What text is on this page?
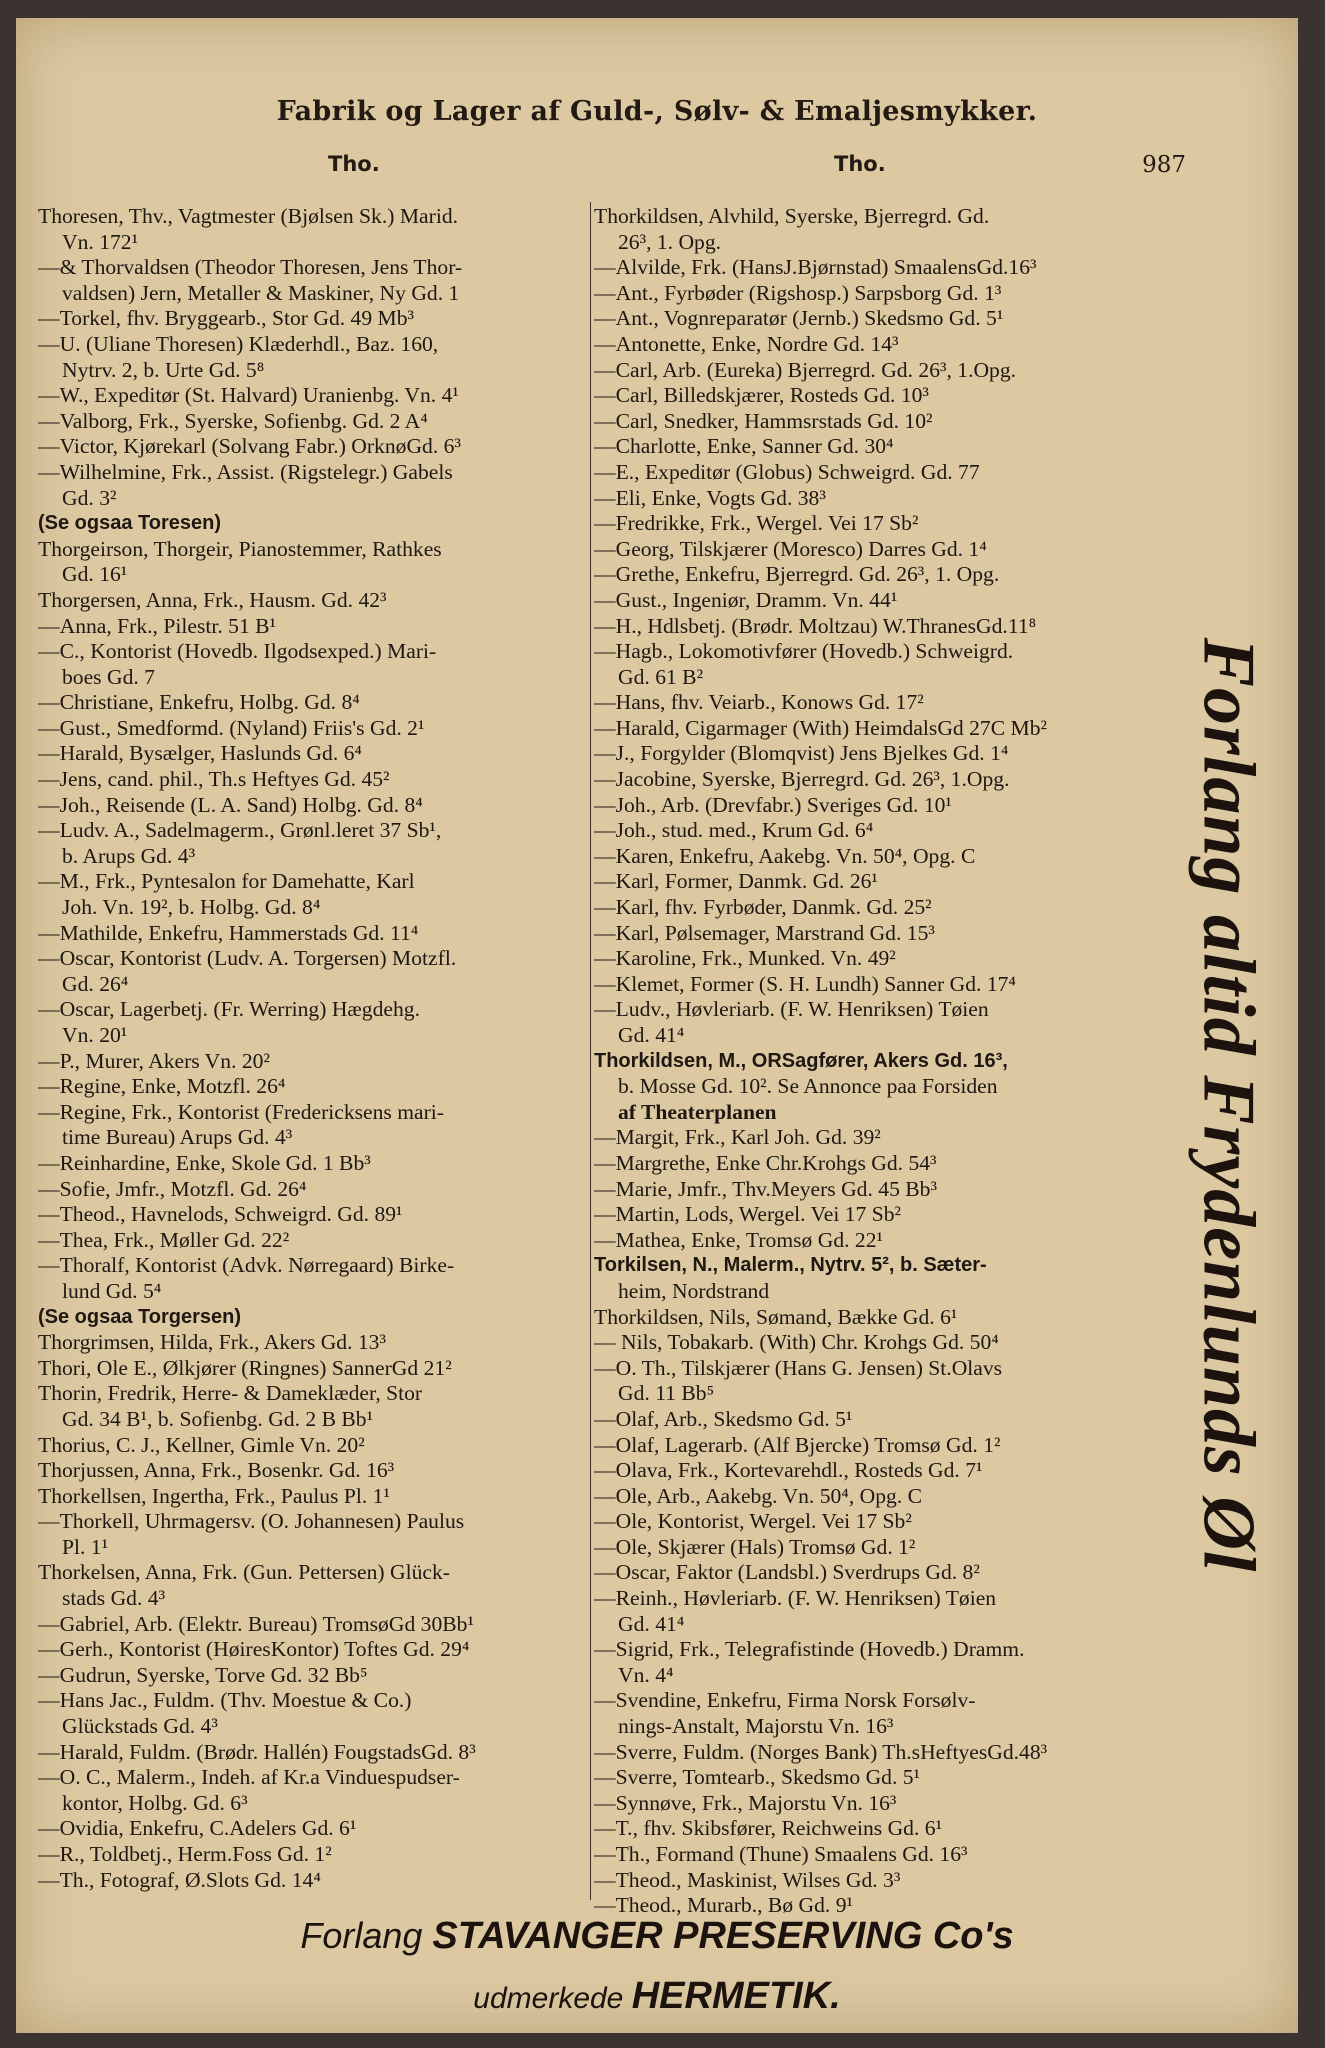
Fabrik og Lager af Guld-, Sølv- & Emaljesmykker.
Tho.	Tho.	987
Thoresen, Thv., Vagtmester (Bjølsen Sk.) Marid.
Vn. 172¹
—& Thorvaldsen (Theodor Thoresen, Jens Thor-
valdsen) Jern, Metaller & Maskiner, Ny Gd. 1
—Torkel, fhv. Bryggearb., Stor Gd. 49 Mb³
—U. (Uliane Thoresen) Klæderhdl., Baz. 160,
Nytrv. 2, b. Urte Gd. 5⁸
—W., Expeditør (St. Halvard) Uranienbg. Vn. 4¹
—Valborg, Frk., Syerske, Sofienbg. Gd. 2 A⁴
—Victor, Kjørekarl (Solvang Fabr.) OrknøGd. 6³
—Wilhelmine, Frk., Assist. (Rigstelegr.) Gabels
Gd. 3²
(Se ogsaa Toresen)
Thorgeirson, Thorgeir, Pianostemmer, Rathkes
Gd. 16¹
Thorgersen, Anna, Frk., Hausm. Gd. 42³
—Anna, Frk., Pilestr. 51 B¹
—C., Kontorist (Hovedb. Ilgodsexped.) Mari-
boes Gd. 7
—Christiane, Enkefru, Holbg. Gd. 8⁴
—Gust., Smedformd. (Nyland) Friis's Gd. 2¹
—Harald, Bysælger, Haslunds Gd. 6⁴
—Jens, cand. phil., Th.s Heftyes Gd. 45²
—Joh., Reisende (L. A. Sand) Holbg. Gd. 8⁴
—Ludv. A., Sadelmagerm., Grønl.leret 37 Sb¹,
b. Arups Gd. 4³
—M., Frk., Pyntesalon for Damehatte, Karl
Joh. Vn. 19², b. Holbg. Gd. 8⁴
—Mathilde, Enkefru, Hammerstads Gd. 11⁴
—Oscar, Kontorist (Ludv. A. Torgersen) Motzfl.
Gd. 26⁴
—Oscar, Lagerbetj. (Fr. Werring) Hægdehg.
Vn. 20¹
—P., Murer, Akers Vn. 20²
—Regine, Enke, Motzfl. 26⁴
—Regine, Frk., Kontorist (Fredericksens mari-
time Bureau) Arups Gd. 4³
—Reinhardine, Enke, Skole Gd. 1 Bb³
—Sofie, Jmfr., Motzfl. Gd. 26⁴
—Theod., Havnelods, Schweigrd. Gd. 89¹
—Thea, Frk., Møller Gd. 22²
—Thoralf, Kontorist (Advk. Nørregaard) Birke-
lund Gd. 5⁴
(Se ogsaa Torgersen)
Thorgrimsen, Hilda, Frk., Akers Gd. 13³
Thori, Ole E., Ølkjører (Ringnes) SannerGd 21²
Thorin, Fredrik, Herre- & Dameklæder, Stor
Gd. 34 B¹, b. Sofienbg. Gd. 2 B Bb¹
Thorius, C. J., Kellner, Gimle Vn. 20²
Thorjussen, Anna, Frk., Bosenkr. Gd. 16³
Thorkellsen, Ingertha, Frk., Paulus Pl. 1¹
—Thorkell, Uhrmagersv. (O. Johannesen) Paulus
Pl. 1¹
Thorkelsen, Anna, Frk. (Gun. Pettersen) Glück-
stads Gd. 4³
—Gabriel, Arb. (Elektr. Bureau) TromsøGd 30Bb¹
—Gerh., Kontorist (HøiresKontor) Toftes Gd. 29⁴
—Gudrun, Syerske, Torve Gd. 32 Bb⁵
—Hans Jac., Fuldm. (Thv. Moestue & Co.)
Glückstads Gd. 4³
—Harald, Fuldm. (Brødr. Hallén) FougstadsGd. 8³
—O. C., Malerm., Indeh. af Kr.a Vinduespudser-
kontor, Holbg. Gd. 6³
—Ovidia, Enkefru, C.Adelers Gd. 6¹
—R., Toldbetj., Herm.Foss Gd. 1²
—Th., Fotograf, Ø.Slots Gd. 14⁴
Thorkildsen, Alvhild, Syerske, Bjerregrd. Gd.
26³, 1. Opg.
—Alvilde, Frk. (HansJ.Bjørnstad) SmaalensGd.16³
—Ant., Fyrbøder (Rigshosp.) Sarpsborg Gd. 1³
—Ant., Vognreparatør (Jernb.) Skedsmo Gd. 5¹
—Antonette, Enke, Nordre Gd. 14³
—Carl, Arb. (Eureka) Bjerregrd. Gd. 26³, 1.Opg.
—Carl, Billedskjærer, Rosteds Gd. 10³
—Carl, Snedker, Hammsrstads Gd. 10²
—Charlotte, Enke, Sanner Gd. 30⁴
—E., Expeditør (Globus) Schweigrd. Gd. 77
—Eli, Enke, Vogts Gd. 38³
—Fredrikke, Frk., Wergel. Vei 17 Sb²
—Georg, Tilskjærer (Moresco) Darres Gd. 1⁴
—Grethe, Enkefru, Bjerregrd. Gd. 26³, 1. Opg.
—Gust., Ingeniør, Dramm. Vn. 44¹
—H., Hdlsbetj. (Brødr. Moltzau) W.ThranesGd.11⁸
—Hagb., Lokomotivfører (Hovedb.) Schweigrd.
Gd. 61 B²
—Hans, fhv. Veiarb., Konows Gd. 17²
—Harald, Cigarmager (With) HeimdalsGd 27C Mb²
—J., Forgylder (Blomqvist) Jens Bjelkes Gd. 1⁴
—Jacobine, Syerske, Bjerregrd. Gd. 26³, 1.Opg.
—Joh., Arb. (Drevfabr.) Sveriges Gd. 10¹
—Joh., stud. med., Krum Gd. 6⁴
—Karen, Enkefru, Aakebg. Vn. 50⁴, Opg. C
—Karl, Former, Danmk. Gd. 26¹
—Karl, fhv. Fyrbøder, Danmk. Gd. 25²
—Karl, Pølsemager, Marstrand Gd. 15³
—Karoline, Frk., Munked. Vn. 49²
—Klemet, Former (S. H. Lundh) Sanner Gd. 17⁴
—Ludv., Høvleriarb. (F. W. Henriksen) Tøien
Gd. 41⁴
Thorkildsen, M., ORSagfører, Akers Gd. 16³,
b. Mosse Gd. 10². Se Annonce paa Forsiden
af Theaterplanen
—Margit, Frk., Karl Joh. Gd. 39²
—Margrethe, Enke Chr.Krohgs Gd. 54³
—Marie, Jmfr., Thv.Meyers Gd. 45 Bb³
—Martin, Lods, Wergel. Vei 17 Sb²
—Mathea, Enke, Tromsø Gd. 22¹
Torkilsen, N., Malerm., Nytrv. 5², b. Sæter-
heim, Nordstrand
Thorkildsen, Nils, Sømand, Bække Gd. 6¹
— Nils, Tobakarb. (With) Chr. Krohgs Gd. 50⁴
—O. Th., Tilskjærer (Hans G. Jensen) St.Olavs
Gd. 11 Bb⁵
—Olaf, Arb., Skedsmo Gd. 5¹
—Olaf, Lagerarb. (Alf Bjercke) Tromsø Gd. 1²
—Olava, Frk., Kortevarehdl., Rosteds Gd. 7¹
—Ole, Arb., Aakebg. Vn. 50⁴, Opg. C
—Ole, Kontorist, Wergel. Vei 17 Sb²
—Ole, Skjærer (Hals) Tromsø Gd. 1²
—Oscar, Faktor (Landsbl.) Sverdrups Gd. 8²
—Reinh., Høvleriarb. (F. W. Henriksen) Tøien
Gd. 41⁴
—Sigrid, Frk., Telegrafistinde (Hovedb.) Dramm.
Vn. 4⁴
—Svendine, Enkefru, Firma Norsk Forsølv-
nings-Anstalt, Majorstu Vn. 16³
—Sverre, Fuldm. (Norges Bank) Th.sHeftyesGd.48³
—Sverre, Tomtearb., Skedsmo Gd. 5¹
—Synnøve, Frk., Majorstu Vn. 16³
—T., fhv. Skibsfører, Reichweins Gd. 6¹
—Th., Formand (Thune) Smaalens Gd. 16³
—Theod., Maskinist, Wilses Gd. 3³
—Theod., Murarb., Bø Gd. 9¹
Forlang altid Frydenlunds Øl
Forlang STAVANGER PRESERVING Co's
udmerkede HERMETIK.
